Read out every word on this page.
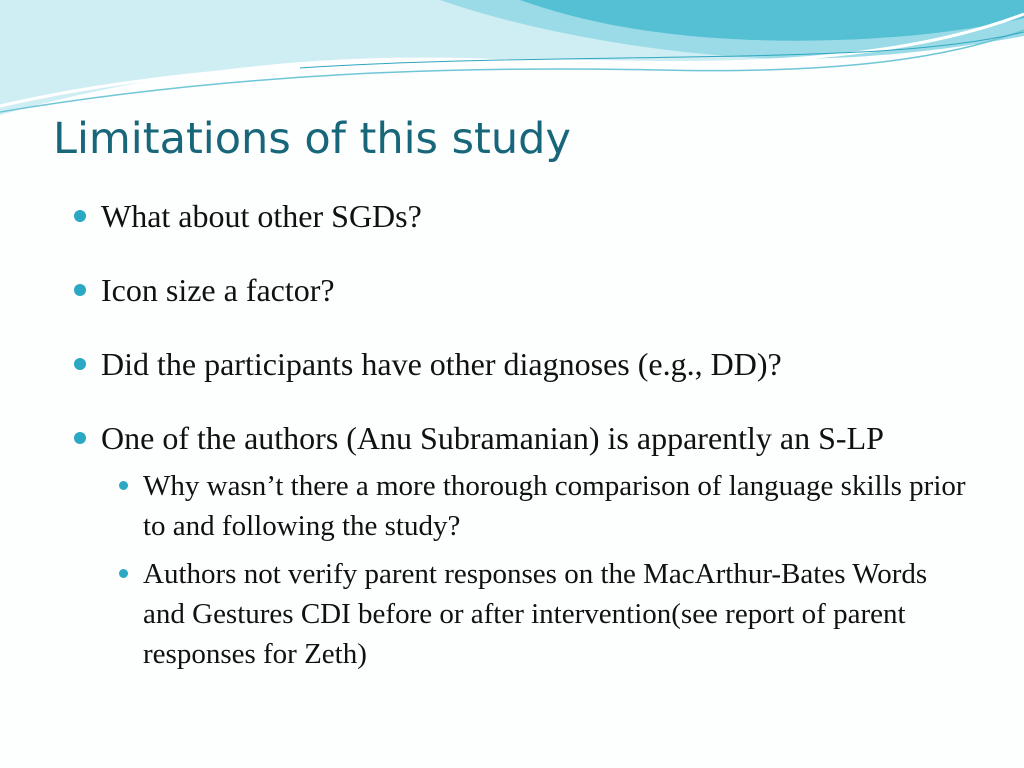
Limitations of this study
What about other SGDs?
Icon size a factor?
Did the participants have other diagnoses (e.g., DD)?
One of the authors (Anu Subramanian) is apparently an S-LP
Why wasn’t there a more thorough comparison of language skills prior to and following the study?
Authors not verify parent responses on the MacArthur-Bates Words and Gestures CDI before or after intervention(see report of parent responses for Zeth)
